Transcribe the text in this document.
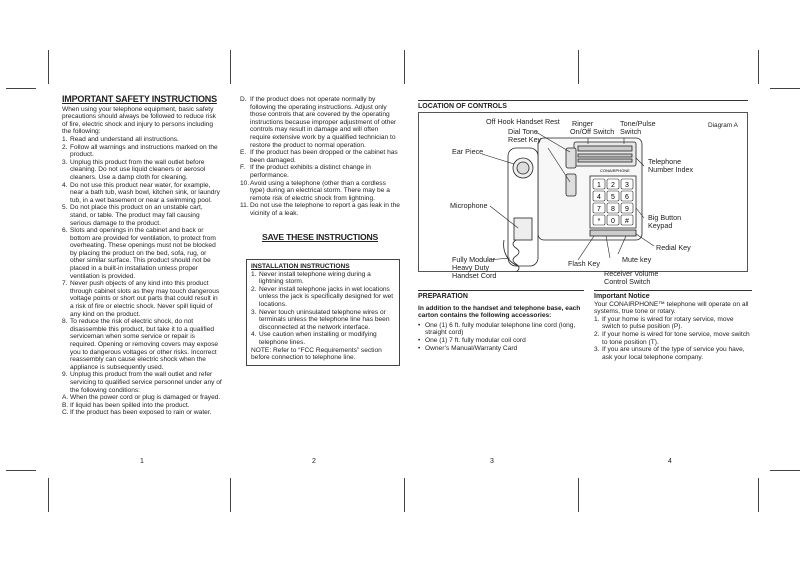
IMPORTANT SAFETY INSTRUCTIONS
When using your telephone equipment, basic safety precautions should always be followed to reduce risk of fire, electric shock and injury to persons including the following:
1. Read and understand all instructions.
2. Follow all warnings and instructions marked on the product.
3. Unplug this product from the wall outlet before cleaning. Do not use liquid cleaners or aerosol cleaners. Use a damp cloth for cleaning.
4. Do not use this product near water, for example, near a bath tub, wash bowl, kitchen sink, or laundry tub, in a wet basement or near a swimming pool.
5. Do not place this product on an unstable cart, stand, or table. The product may fall causing serious damage to the product.
6. Slots and openings in the cabinet and back or bottom are provided for ventilation, to protect from overheating. These openings must not be blocked by placing the product on the bed, sofa, rug, or other similar surface. This product should not be placed in a built-in installation unless proper ventilation is provided.
7. Never push objects of any kind into this product through cabinet slots as they may touch dangerous voltage points or short out parts that could result in a risk of fire or electric shock. Never spill liquid of any kind on the product.
8. To reduce the risk of electric shock, do not disassemble this product, but take it to a qualified serviceman when some service or repair is required. Opening or removing covers may expose you to dangerous voltages or other risks. Incorrect reassembly can cause electric shock when the appliance is subsequently used.
9. Unplug this product from the wall outlet and refer servicing to qualified service personnel under any of the following conditions:
A. When the power cord or plug is damaged or frayed.
B. If liquid has been spilled into the product.
C. If the product has been exposed to rain or water.
1
D. If the product does not operate normally by following the operating instructions. Adjust only those controls that are covered by the operating instructions because improper adjustment of other controls may result in damage and will often require extensive work by a qualified technician to restore the product to normal operation.
E. If the product has been dropped or the cabinet has been damaged.
F. If the product exhibits a distinct change in performance.
10. Avoid using a telephone (other than a cordless type) during an electrical storm. There may be a remote risk of electric shock from lightning.
11. Do not use the telephone to report a gas leak in the vicinity of a leak.
SAVE THESE INSTRUCTIONS
INSTALLATION INSTRUCTIONS
1. Never install telephone wiring during a lightning storm.
2. Never install telephone jacks in wet locations unless the jack is specifically designed for wet locations.
3. Never touch uninsulated telephone wires or terminals unless the telephone line has been disconnected at the network interface.
4. Use caution when installing or modifying telephone lines.
NOTE: Refer to “FCC Requirements” section before connection to telephone line.
2
LOCATION OF CONTROLS
Diagram A
1 2 3
4 5 6
7 8 9
* 0 #
CONAIRPHONE
Off Hook Handset Rest
Dial Tone
Reset Key
Ringer
On/Off Switch
Tone/Pulse
Switch
Ear Piece
Telephone
Number Index
Big Button
Keypad
Microphone
Redial Key
Fully Modular
Heavy Duty
Handset Cord
Flash Key	Mute key
Receiver Volume
Control Switch
PREPARATION
In addition to the handset and telephone base, each carton contains the following accessories:
• One (1) 6 ft. fully modular telephone line cord (long, straight cord)
• One (1) 7 ft. fully modular coil cord
• Owner’s Manual/Warranty Card
3
Important Notice
Your CONAIRPHONE™ telephone will operate on all systems, true tone or rotary.
1. If your home is wired for rotary service, move switch to pulse position (P).
2. If your home is wired for tone service, move switch to tone position (T).
3. If you are unsure of the type of service you have, ask your local telephone company.
4
